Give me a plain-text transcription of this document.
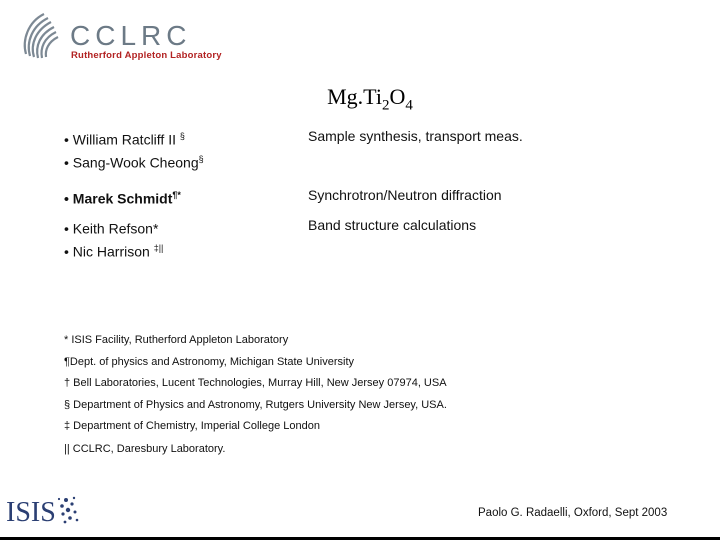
CCLRC
Rutherford Appleton Laboratory
$Mg.Ti_2O_4$
• William Ratcliff II §
• Sang-Wook Cheong§
Sample synthesis, transport meas.
• Marek Schmidt¶*	Synchrotron/Neutron diffraction
• Keith Refson*
• Nic Harrison ‡||
Band structure calculations
* ISIS Facility, Rutherford Appleton Laboratory
¶Dept. of physics and Astronomy, Michigan State University
† Bell Laboratories, Lucent Technologies, Murray Hill, New Jersey 07974, USA
§ Department of Physics and Astronomy, Rutgers University New Jersey, USA.
‡ Department of Chemistry, Imperial College London
|| CCLRC, Daresbury Laboratory.
ISIS	Paolo G. Radaelli, Oxford, Sept 2003
